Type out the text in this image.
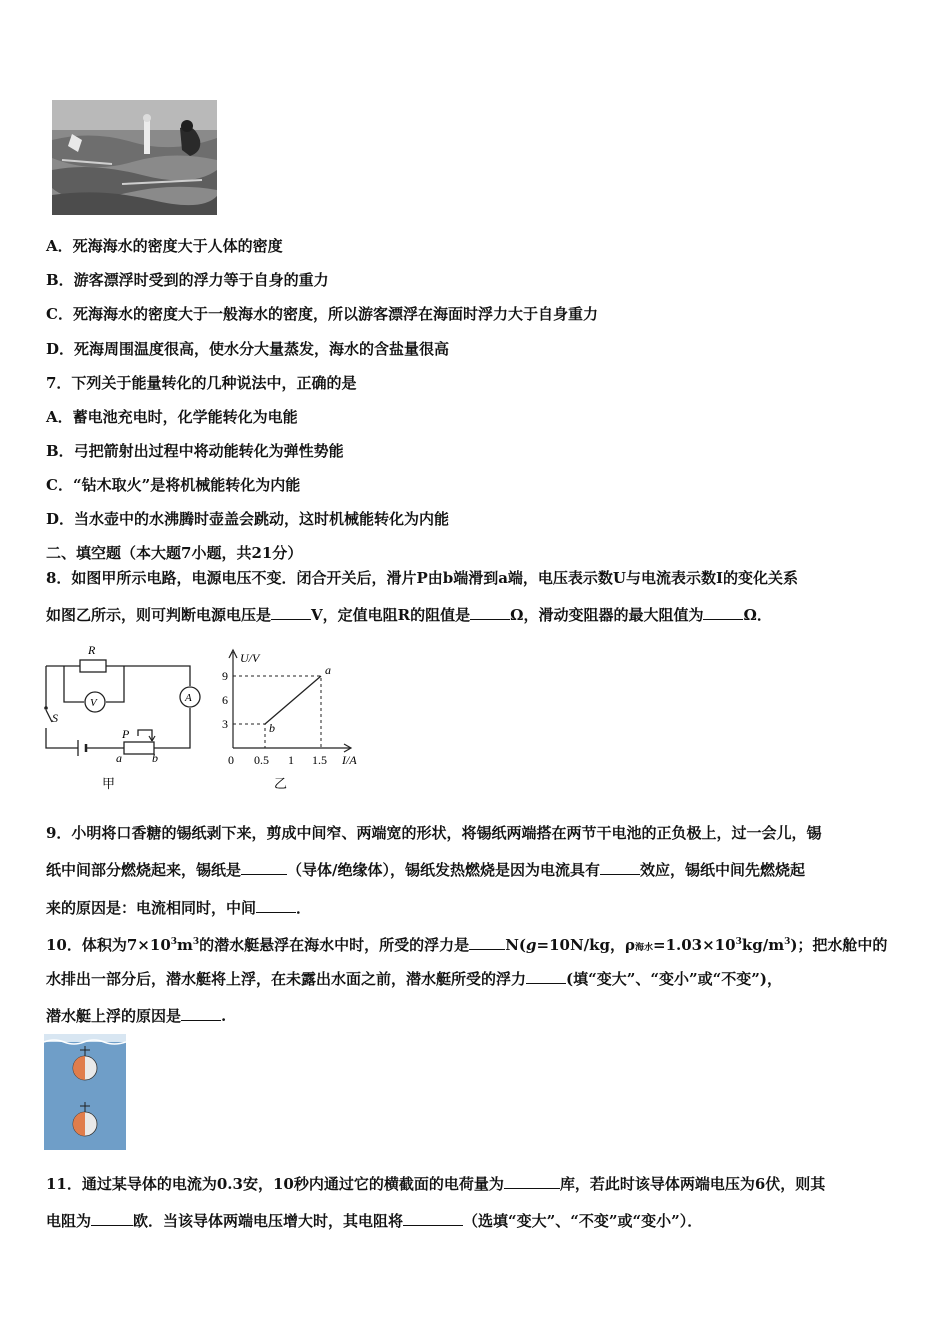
A．死海海水的密度大于人体的密度
B．游客漂浮时受到的浮力等于自身的重力
C．死海海水的密度大于一般海水的密度，所以游客漂浮在海面时浮力大于自身重力
D．死海周围温度很高，使水分大量蒸发，海水的含盐量很高
7．下列关于能量转化的几种说法中，正确的是
A．蓄电池充电时，化学能转化为电能
B．弓把箭射出过程中将动能转化为弹性势能
C．“钻木取火”是将机械能转化为内能
D．当水壶中的水沸腾时壶盖会跳动，这时机械能转化为内能
二、填空题（本大题7小题，共21分）
8．如图甲所示电路，电源电压不变．闭合开关后，滑片P由b端滑到a端，电压表示数U与电流表示数I的变化关系
如图乙所示，则可判断电源电压是	V，定值电阻R的阻值是	Ω，滑动变阻器的最大阻值为	Ω．
V	A
R
S
P
a	b
甲
U/V
I/A
9
6
3
0 0.5 1 1.5
a
b
乙
9．小明将口香糖的锡纸剥下来，剪成中间窄、两端宽的形状，将锡纸两端搭在两节干电池的正负极上，过一会儿，锡
纸中间部分燃烧起来，锡纸是	（导体/绝缘体），锡纸发热燃烧是因为电流具有	效应，锡纸中间先燃烧起
来的原因是：电流相同时，中间	．
10．体积为$7\times 10^3m^3$的潜水艇悬浮在海水中时，所受的浮力是 N(g=10N/kg，ρ海水$=1.03\times 10^3kg/m^3$)；把水舱中的
水排出一部分后，潜水艇将上浮，在未露出水面之前，潜水艇所受的浮力	(填“变大”、“变小”或“不变”)，
潜水艇上浮的原因是	.
11．通过某导体的电流为0.3安，10秒内通过它的横截面的电荷量为	库，若此时该导体两端电压为6伏，则其
电阻为	欧．当该导体两端电压增大时，其电阻将	（选填“变大”、“不变”或“变小”）．
